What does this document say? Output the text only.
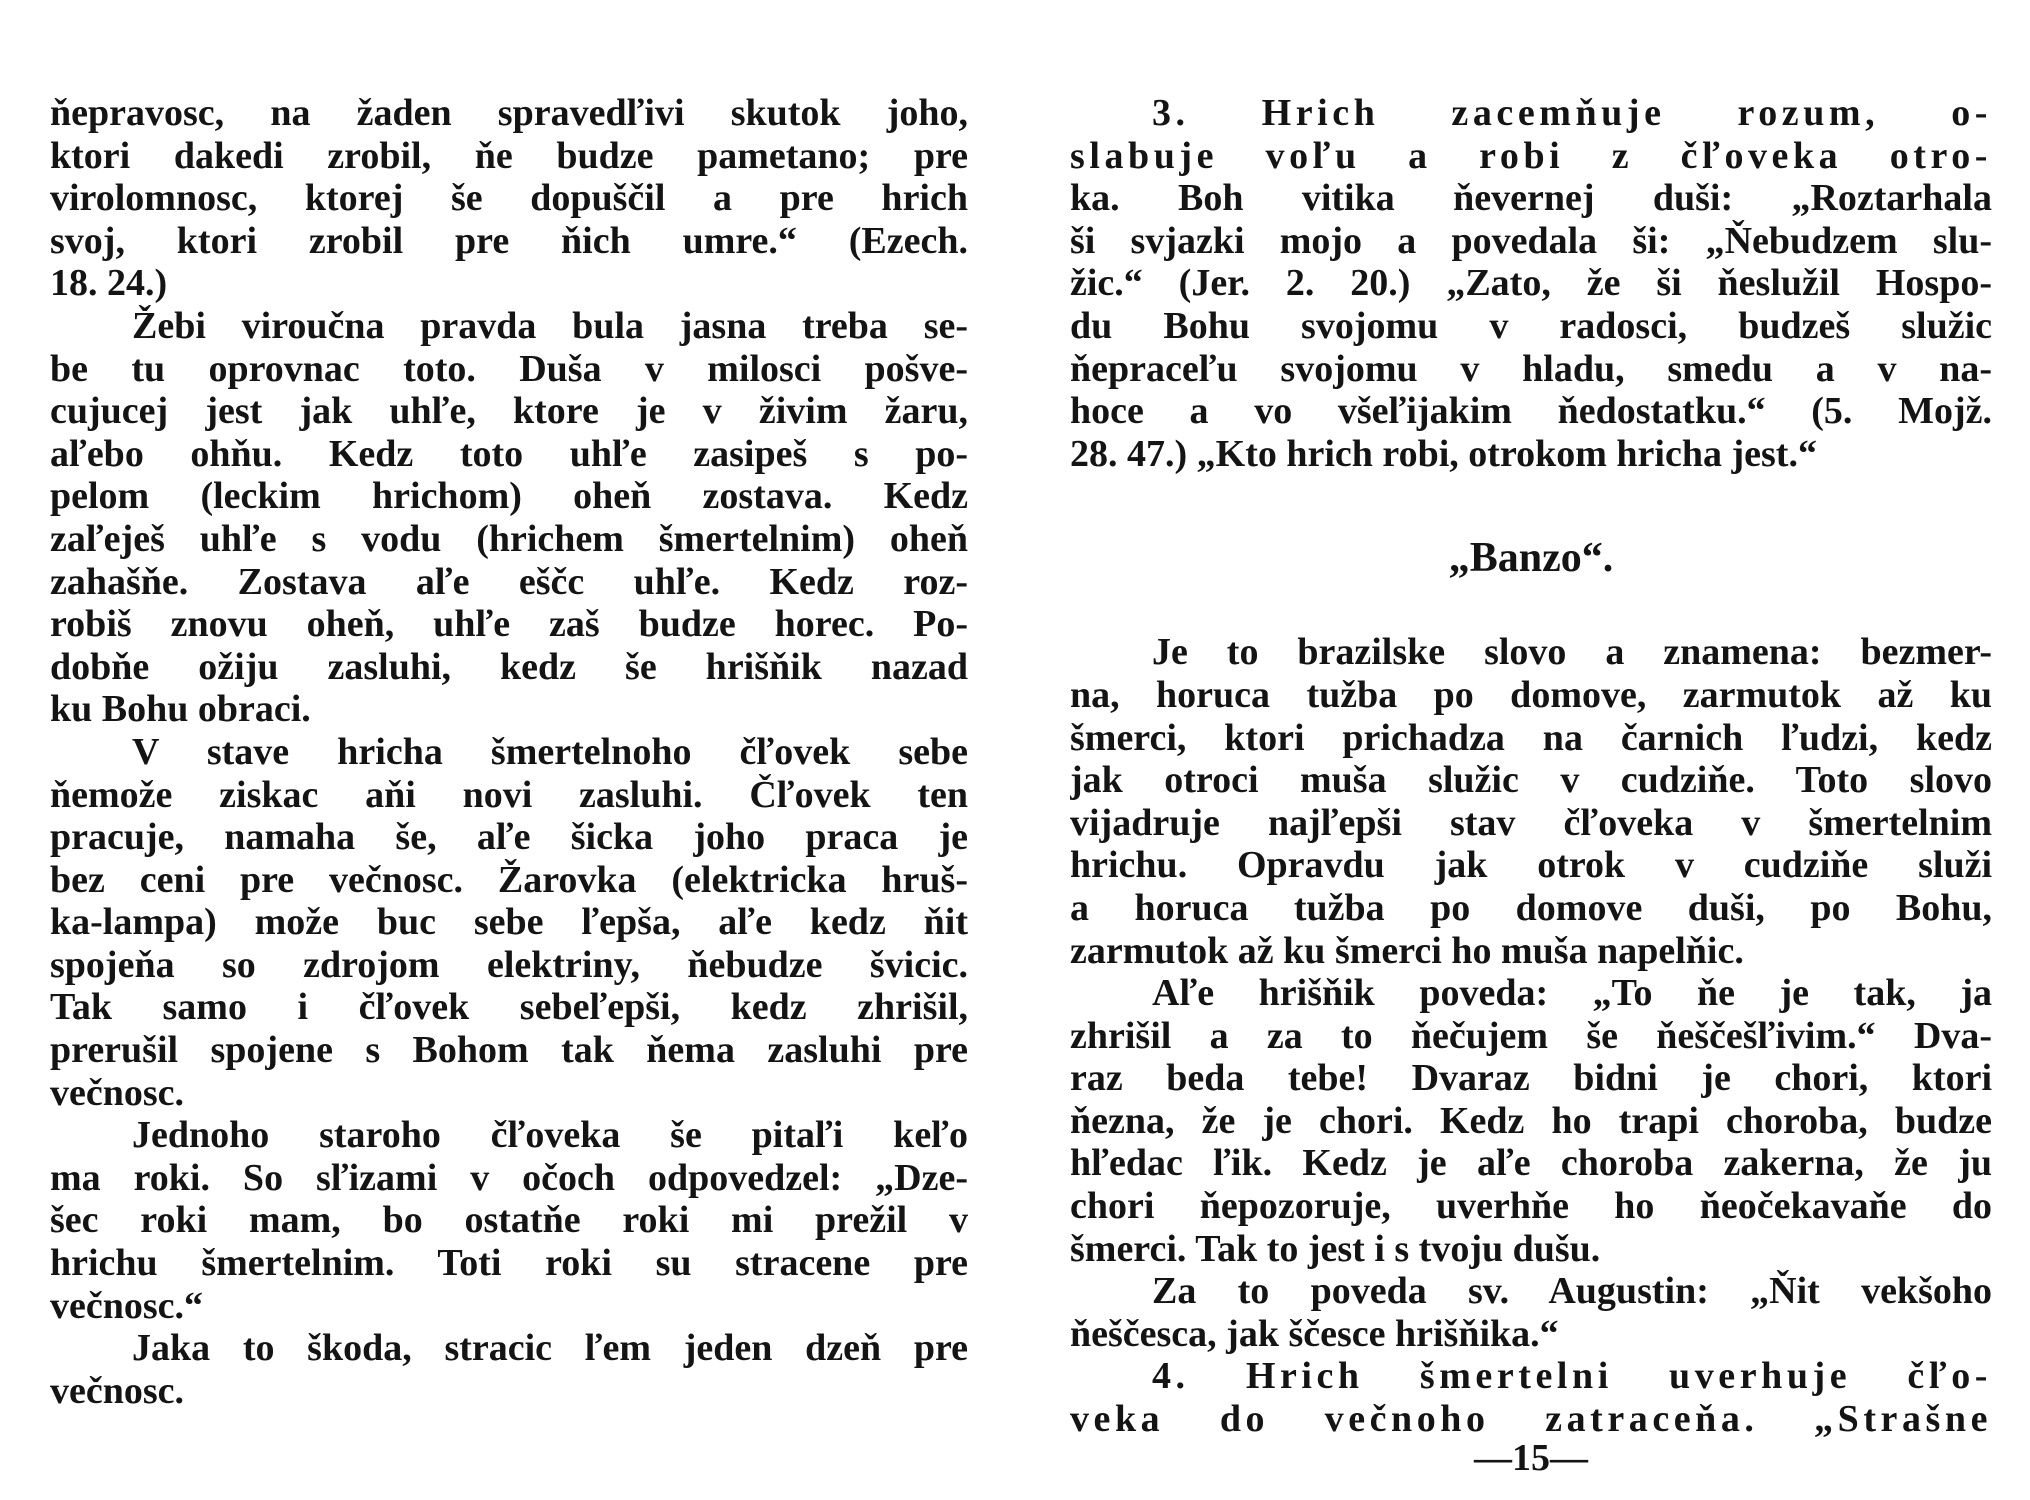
ňepravosc, na žaden spravedľivi skutok joho,
ktori dakedi zrobil, ňe budze pametano; pre
virolomnosc, ktorej še dopuščil a pre hrich
svoj, ktori zrobil pre ňich umre.“ (Ezech.
18. 24.)
Žebi viroučna pravda bula jasna treba se-
be tu oprovnac toto. Duša v milosci pošve-
cujucej jest jak uhľe, ktore je v živim žaru,
aľebo ohňu. Kedz toto uhľe zasipeš s po-
pelom (leckim hrichom) oheň zostava. Kedz
zaľeješ uhľe s vodu (hrichem šmertelnim) oheň
zahašňe. Zostava aľe eščc uhľe. Kedz roz-
robiš znovu oheň, uhľe zaš budze horec. Po-
dobňe ožiju zasluhi, kedz še hrišňik nazad
ku Bohu obraci.
V stave hricha šmertelnoho čľovek sebe
ňemože ziskac aňi novi zasluhi. Čľovek ten
pracuje, namaha še, aľe šicka joho praca je
bez ceni pre večnosc. Žarovka (elektricka hruš-
ka-lampa) može buc sebe ľepša, aľe kedz ňit
spojeňa so zdrojom elektriny, ňebudze švicic.
Tak samo i čľovek sebeľepši, kedz zhrišil,
prerušil spojene s Bohom tak ňema zasluhi pre
večnosc.
Jednoho staroho čľoveka še pitaľi keľo
ma roki. So sľizami v očoch odpovedzel: „Dze-
šec roki mam, bo ostatňe roki mi prežil v
hrichu šmertelnim. Toti roki su stracene pre
večnosc.“
Jaka to škoda, stracic ľem jeden dzeň pre
večnosc.
3. Hrich zacemňuje rozum, o-
slabuje voľu a robi z čľoveka otro-
ka. Boh vitika ňevernej duši: „Roztarhala
ši svjazki mojo a povedala ši: „Ňebudzem slu-
žic.“ (Jer. 2. 20.) „Zato, že ši ňeslužil Hospo-
du Bohu svojomu v radosci, budzeš služic
ňepraceľu svojomu v hladu, smedu a v na-
hoce a vo všeľijakim ňedostatku.“ (5. Mojž.
28. 47.) „Kto hrich robi, otrokom hricha jest.“
„Banzo“.
Je to brazilske slovo a znamena: bezmer-
na, horuca tužba po domove, zarmutok až ku
šmerci, ktori prichadza na čarnich ľudzi, kedz
jak otroci muša služic v cudziňe. Toto slovo
vijadruje najľepši stav čľoveka v šmertelnim
hrichu. Opravdu jak otrok v cudziňe služi
a horuca tužba po domove duši, po Bohu,
zarmutok až ku šmerci ho muša napelňic.
Aľe hrišňik poveda: „To ňe je tak, ja
zhrišil a za to ňečujem še ňeščešľivim.“ Dva-
raz beda tebe! Dvaraz bidni je chori, ktori
ňezna, že je chori. Kedz ho trapi choroba, budze
hľedac ľik. Kedz je aľe choroba zakerna, že ju
chori ňepozoruje, uverhňe ho ňeočekavaňe do
šmerci. Tak to jest i s tvoju dušu.
Za to poveda sv. Augustin: „Ňit vekšoho
ňeščesca, jak ščesce hrišňika.“
4. Hrich šmertelni uverhuje čľo-
veka do večnoho zatraceňa. „Strašne
—15—
